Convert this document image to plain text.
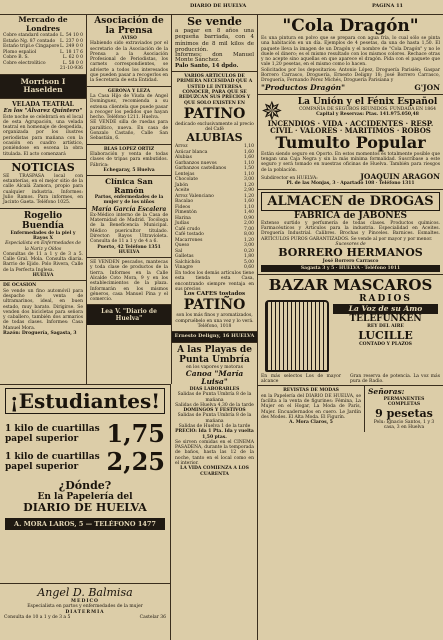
DIARIO DE HUELVA	PAGINA 11
Mercado de Londres
Cobre standard contado L. 54 10 0
Estaño Ng. 87 contado L. 237 0 0
Estaño tripl.e Cingapore L. 249 0 0
Plomo espaliol	L. 18 17 6
Cobre B. S.	L. 62 0 0
Cobre electrolítico	L. 58 0 0
21-10-936
Morrison I Haselden
VELADA TEATRAL
En los "Álvarez Quintero"
Este noche se celebrará en el local de esta Agrupación, una velada teatral en homenaje de despedida, organizada por los ilustres periodistas para mañana con la ocasión en cuadro artístico, poniéndose en escena la obra titulada. El acto comenzará
NOTICIAS
SE TRASPASA local con estanterías, en el mejor sitio de la calle Alcalá Zamora, propio para cualquier industria. Informes: Julio Ramos. Para informes, en Jacinto Gaeta. Teléfono 1025.
Rogelio Buendía
Enfermedades de la piel y Rayos X
Especialista en Enfermedades de la Nariz y Oídos
Consultas de 11 a 1 y de 3 a 5. Calle Gral. Mola. Consulta diaria. Barrio de Ejido. Polo Rivera, Calle de la Perfecta Inglesa.
HUELVA
DE OCASION
Se vende un fino automóvil para despacho de venta de ultramarinos, ideal, en buen estado, muy barato. Dirigirse. Se venden dos bicicletas para señora y caballero, también dos armarios de todas clases. Informes: Casa Manuel Mora.
Razón: Droguería, Sagasta, 3
Asociación de la Prensa
AVISO
Habiendo sido extraviados por el secretario de la Asociación de la Prensa a la Asociación Profesional de Periodistas, los carnets correspondientes, se advierte a todos los interesados que pueden pasar a recogerlos en la Secretaría de esta Entidad.
GERONA Y LEZA
La Casa Hijo de Viuda de Angel Domínguez, recomienda a su extensa clientela que puede pasar a recoger los pedidos que hayan hecho. Teléfono 1211. Huelva.
SE VENDE silla de ruedas para paralítico, nueva. En casa de Gonzalo Castaño, Calle San Sebastián, 6.
BLAS LOPEZ ORTIZ
Elaboración y venta de todas clases de tripas para embutidos. Fábrica:
Echegaray, 5 Huelva
Clínica San Ramón
Partos, enfermedades de la mujer y de los niños
María García Escalera
Ex-Médico interno de la Casa de Maternidad de Madrid. Tocóloga de la Beneficencia Municipal. Médico puericultor titulado. Director: Rayos Ultravioleta. Consulta de 11 a 1 y de 4 a 6.
Puerto, 42 Teléfono 1351
HUELVA
SE VENDEN pescados, mantecas y toda clase de productos de la tierra. Informes en la Calle Alcalde Coto Mora, 9 y en los establecimientos de la plaza. Informarán en los mismos géneros, casa Manuel Pina y el comercio.
Lea V. "Diario de Huelva"
Se vende
a pagar en 8 años una pequeña barriada, con 4 mínimos de 8 mil kilos de producción.
Informes: don Manuel Monte Sánchez.
Palo Santo, 14 dpdo.
VARIOS ARTICULOS DE PRIMERA NECESIDAD QUE A USTED LE INTERESA CONOCER, PARA QUE SE REDUZCAN SUS PRECIOS Y QUE SOLO EXISTEN EN
PATINO
dedicado exclusivamente al precio del Café
ALUBIAS
Arroz	1,10
Azúcar blanca	1,60
Alubias	1,60
Garbanzos nuevos	1,10
Garbanzos castellanos	1,50
Lentejas	1,10
Chocolate	3,00
Jabón	1,20
Aceite	2,90
Arroz Valenciano	1,20
Bacalao	1,60
Fideos	1,10
Pimentón	1,40
Harina	0,90
Judías	2,00
Café crudo	7,00
Café tostado	8,00
Macarrones	1,20
Queso	3,00
Sal	0,20
Galletas	1,80
Salchichón	5,00
Vinagre	0,60
En todos los demás artículos tiene esta tienda esta Casa, encontrando siempre ventaja en sus precios
Los CAFES tostados
PATIÑO
son los más finos y aromatizados, compruébelo en una vez y lo verá. Teléfono, 1018
Ernesto Deligny, 16 HUELVA
A las Playas de Punta Umbría
en los vapores y motoras
Canoa "María Luisa"
DIAS LABORABLES
Salidas de Punta Umbría 8 de la mañana
Salidas de Huelva 4,30 de la tarde
DOMINGOS Y FESTIVOS
Salidas de Punta Umbría 8 de la mañana
Salidas de Huelva 1 de la tarde
PRECIO: Ida 1 Pta. Ida y vuelta 1,50 ptas.
Se sirven comidas en el CINEMA PASADENA, durante la temporada de baños, hasta las 12 de la noche, tanto en el local como en el interior.
LA VIDA COMIENZA A LOS CUARENTA
"Cola Dragón"
Es una pintura en polvo que se prepara con agua fría, lo cual sólo se pinta una habitación en un día. Ejemplos de 4 pesetas, da una de hasta 1,50. El paquete lleva la imagen de un Dragón y el nombre de "Cola Dragón" y no le duele el dinero; es el mismo resultado con los mismos colores. Rechace otras y no acepte sino aquellas en que aparece el dragón. Pida con el paquete que vale 1,20 pesetas, en el mismo como lo hacen.
Solicitados por los depositarios: Antonio López, Droguería Parisién; Gaspar Borrero Carrasco, Droguería, Ernesto Deligny 18; José Borrero Carrasco, Droguería, Fernando Pérez Michés, Droguería Parisiana y
"Productos Dragón"	G'JON
✵	La Unión y el Fénix Español
COMPAÑÍA DE SEGUROS REUNIDOS. FUNDADA EN 1864
Capital y Reservas: Ptas. 141.975.050,48
INCENDIOS · VIDA · ACCIDENTES · RESP. CIVIL · VALORES · MARITIMOS · ROBOS
Tumulto Popular
Están siendo seguro en Oporto. En estos momentos es totalmente posible que tengan una Caja Negra y sin la más mínima formalidad. Suscríbase a este seguro y será tomado en nuestras oficinas de Huelva. También para riesgos de la población.
Subdirector en HUELVA:	JOAQUIN ARAGON
Pl. de las Monjas, 3 · Apartado 108 · Teléfono 1311
ALMACEN de DROGAS
FABRICA de JABONES
Extenso surtido y perfumería de todas clases. Productos químicos. Farmacéuticos y Artículos para la industria. Especialidad en Aceites. Droguería Industrial. Calibres. Brochas y Pinceles. Barnices. Esmaltes. ARTÍCULOS PUROS GARANTIZADOS. Se vende al por mayor y por menor.
Sucesores de
BORRERO HERMANOS
José Borrero Carrasco
Sagasta 3 y 5 · HUELVA · Teléfono 1011
BAZAR MASCAROS
RADIOS
La Voz de su Amo
TELEFUNKEN
REY DEL AIRE
LUCILLE
CONTADO Y PLAZOS
En más selectos Los de mayor alcance
Gran reserva de potencia. La voz más pura de Radio.
REVISTAS DE MODAS
en la Papelería del DIARIO DE HUELVA, se facilita a la venta de figurines: Fémina, La Mujer en el Hogar, La Moda de París, Mujer. Encuadernados en cuero. Le Jardín des Modes. El Alta Moda. El Figurín.
A. Mora Claros, 5
Señoras:
PERMANENTES COMPLETAS
9 pesetas
Pelu: Ignacio Santos, 1 y 3 casa, 3 en Huelva
¡Estudiantes!
1 kilo de cuartillas
papel superior	1,75
1 kilo de cuartillas
papel superior	2,25
¿Dónde?
En la Papelería del
DIARIO DE HUELVA
A. MORA LAROS, 5 — TELÉFONO 1477
Angel D. Balmisa
MEDICO
Especialista en partos y enfermedades de la mujer
DIATERMIA
Consulta de 10 a 1 y de 3 a 5	Castelar 36
